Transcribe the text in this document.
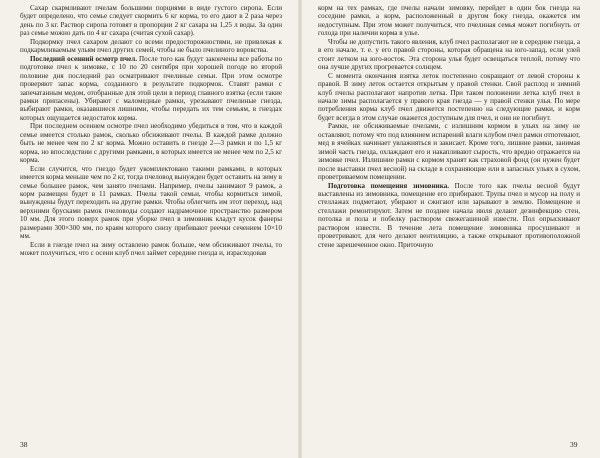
Сахар скармливают пчелам большими порциями в виде густого сиропа. Если будет определено, что семье следует скормить 6 кг корма, то его дают в 2 раза через день по 3 кг. Раствор сиропа готовят в пропорции 2 кг сахара на 1,25 л воды. За один раз семье можно дать по 4 кг сахара (считая сухой сахар).

Подкормку пчел сахаром делают со всеми предосторожностями, не привлекая к подкармливаемым ульям пчел других семей, чтобы не было пчелиного воровства.

Последний осенний осмотр пчел. После того как будут закончены все работы по подготовке пчел к зимовке, с 10 по 20 сентября при хорошей погоде во второй половине дня последний раз осматривают пчелиные семьи. При этом осмотре проверяют запас корма, созданного в результате подкормок. Ставят рамки с запечатанным медом, отобранные для этой цели в период главного взятка (если такие рамки припасены). Убирают с маломедные рамки, урезывают пчелиные гнезда, выбирают рамки, оказавшиеся лишними, чтобы передать их тем семьям, в гнездах которых ощущается недостаток корма.

При последнем осеннем осмотре пчел необходимо убедиться в том, что в каждой семье имеется столько рамок, сколько обсиживают пчелы. В каждой рамке должно быть не менее чем по 2 кг корма. Можно оставить в гнезде 2—3 рамки и по 1,5 кг корма, но впоследствии с другими рамками, в которых имеется не менее чем по 2,5 кг корма.

Если случится, что гнездо будет укомплектовано такими рамками, в которых имеется корма меньше чем по 2 кг, тогда пчеловод вынужден будет оставить на зиму в семье большее рамок, чем занято пчелами. Например, пчелы занимают 9 рамок, а корм размещен будет в 11 рамках. Пчелы такой семьи, чтобы кормиться зимой, вынуждены будут переходить на другие рамки. Чтобы облегчить им этот переход, над верхними брусками рамок пчеловоды создают надрамочное пространство размером 10 мм. Для этого поверх рамок при уборке пчел в зимовник кладут кусок фанеры размерами 300×300 мм, по краям которого снизу прибивают реечки сечением 10×10 мм.

Если в гнезде пчел на зиму оставлено рамок больше, чем обсиживают пчелы, то может получиться, что с осени клуб пчел займет середине гнезда и, израсходовав

корм на тех рамках, где пчелы начали зимовку, перейдет в один бок гнезда на соседние рамки, а корм, расположенный в другом боку гнезда, окажется им недоступным. При этом может получиться, что пчелиная семья может погибнуть от голода при наличии корма в улье.

Чтобы не допустить такого явления, клуб пчел располагают не в середине гнезда, а в его начале, т. е. у его правой стороны, которая обращена на юго-запад, если улей стоит летком на юго-восток. Эта сторона улья будет освещаться теплой, потому что она лучше других прогревается солнцем.

С момента окончания взятка леток постепенно сокращают от левой стороны к правой. В зиму леток остается открытым у правой стенки. Свой расплод и зимний клуб пчелы располагают напротив летка. При таком положении летка клуб пчел в начале зимы располагается у правого края гнезда — у правой стенки улья. По мере потребления корма клуб пчел движется постепенно на следующие рамки, и корм будет всегда в этом случае окажется доступным для пчел, и они не погибнут.

Рамки, не обсиживаемые пчелами, с излишним кормом в ульях на зиму не оставляют, потому что под влиянием испарений влаги клубом пчел рамки отпотевают, мед в ячейках начинает увлажняться и закисает. Кроме того, лишние рамки, занимая зимой часть гнезда, охлаждают его и накапливают сырость, что вредно отражается на зимовке пчел. Излишние рамки с кормом хранят как страховой фонд (он нужен будет после выставки пчел весной) на складе в сохраняющие или в запасных ульях в сухом, проветриваемом помещении.

Подготовка помещения зимовника. После того как пчелы весной будут выставлены из зимовника, помещение его прибирают. Трупы пчел и мусор на полу и стеллажах подметают, убирают и сжигают или зарывают в землю. Помещение и стеллажи ремонтируют. Затем не позднее начала июля делают дезинфекцию стен, потолка и пола и побелку раствором свежегашеной извести. Пол опрыскивают раствором извести. В течение лета помещение зимовника просушивают и проветривают, для чего делают вентиляцию, а также открывают противоположной стене зарешеченное окно. Приточную

38	39
